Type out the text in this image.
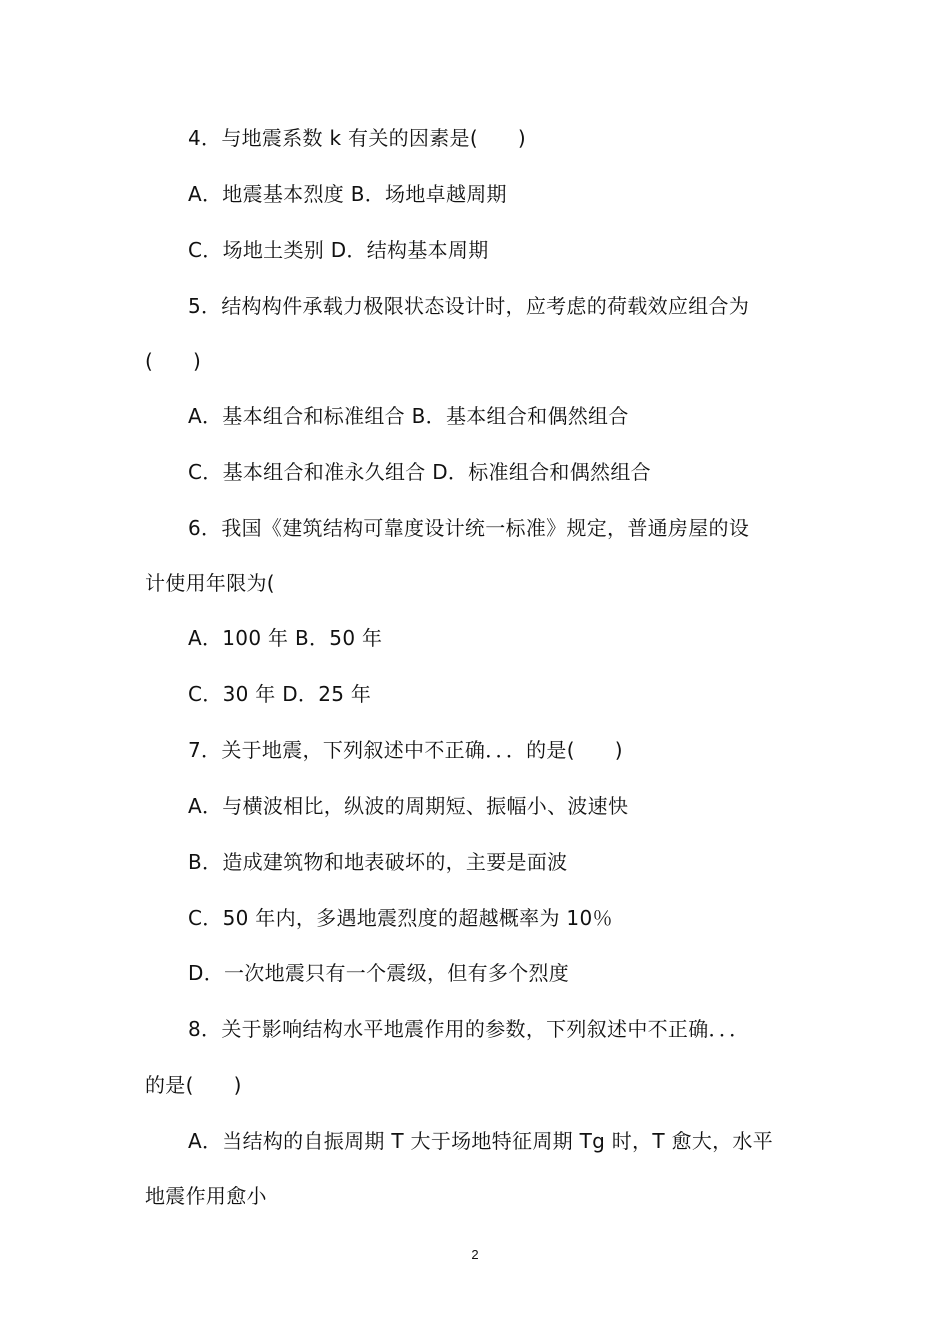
4．与地震系数 k 有关的因素是(      )
A．地震基本烈度 B．场地卓越周期
C．场地土类别 D．结构基本周期
5．结构构件承载力极限状态设计时，应考虑的荷载效应组合为
(      )
A．基本组合和标准组合 B．基本组合和偶然组合
C．基本组合和准永久组合 D．标准组合和偶然组合
6．我国《建筑结构可靠度设计统一标准》规定，普通房屋的设
计使用年限为(
A．100 年 B．50 年
C．30 年 D．25 年
7．关于地震，下列叙述中不正确．．．的是(      )
A．与横波相比，纵波的周期短、振幅小、波速快
B．造成建筑物和地表破坏的，主要是面波
C．50 年内，多遇地震烈度的超越概率为 10％
D．一次地震只有一个震级，但有多个烈度
8．关于影响结构水平地震作用的参数，下列叙述中不正确．．．
的是(      )
A．当结构的自振周期 T 大于场地特征周期 Tg 时，T 愈大，水平
地震作用愈小
2
